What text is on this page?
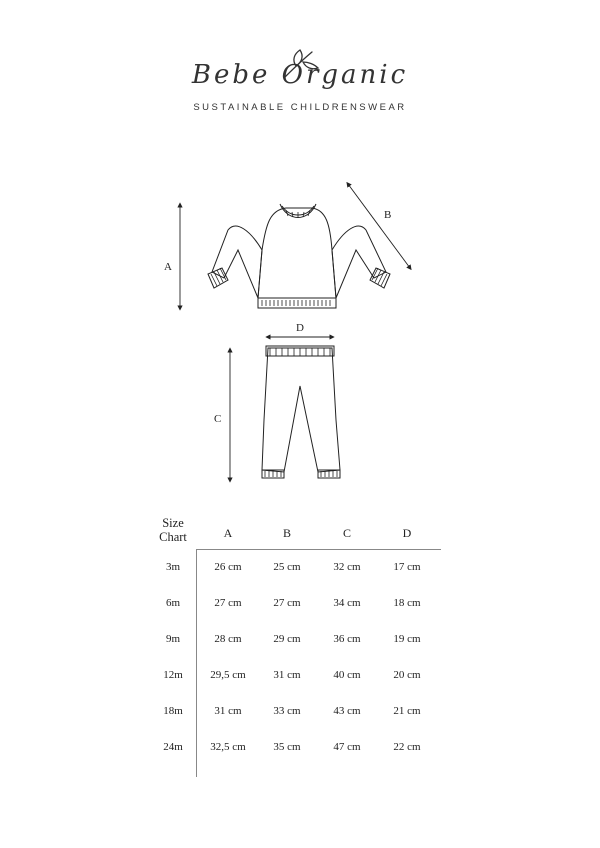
Bebe Organic
SUSTAINABLE CHILDRENSWEAR
A
B
C
D
Size
Chart	A	B	C	D
3m	26 cm	25 cm	32 cm	17 cm
6m	27 cm	27 cm	34 cm	18 cm
9m	28 cm	29 cm	36 cm	19 cm
12m	29,5 cm	31 cm	40 cm	20 cm
18m	31 cm	33 cm	43 cm	21 cm
24m	32,5 cm	35 cm	47 cm	22 cm
